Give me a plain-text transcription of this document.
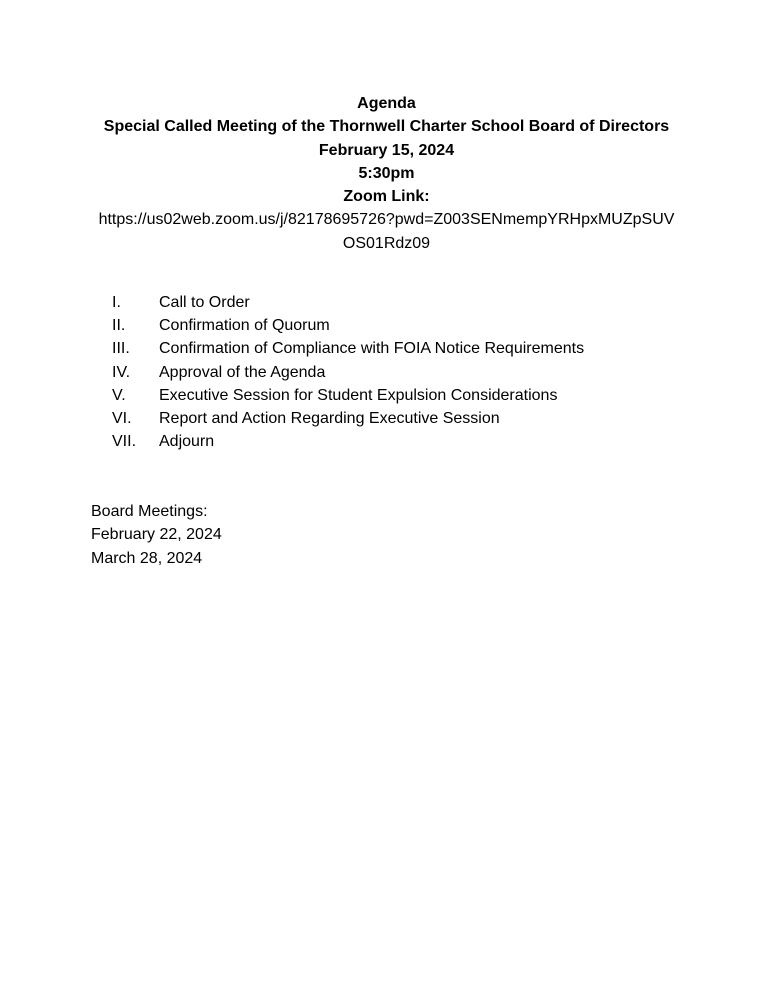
Agenda
Special Called Meeting of the Thornwell Charter School Board of Directors
February 15, 2024
5:30pm
Zoom Link:
https://us02web.zoom.us/j/82178695726?pwd=Z003SENmempYRHpxMUZpSUV
OS01Rdz09
I.	Call to Order
II.	Confirmation of Quorum
III.	Confirmation of Compliance with FOIA Notice Requirements
IV.	Approval of the Agenda
V.	Executive Session for Student Expulsion Considerations
VI.	Report and Action Regarding Executive Session
VII.	Adjourn
Board Meetings:
February 22, 2024
March 28, 2024
